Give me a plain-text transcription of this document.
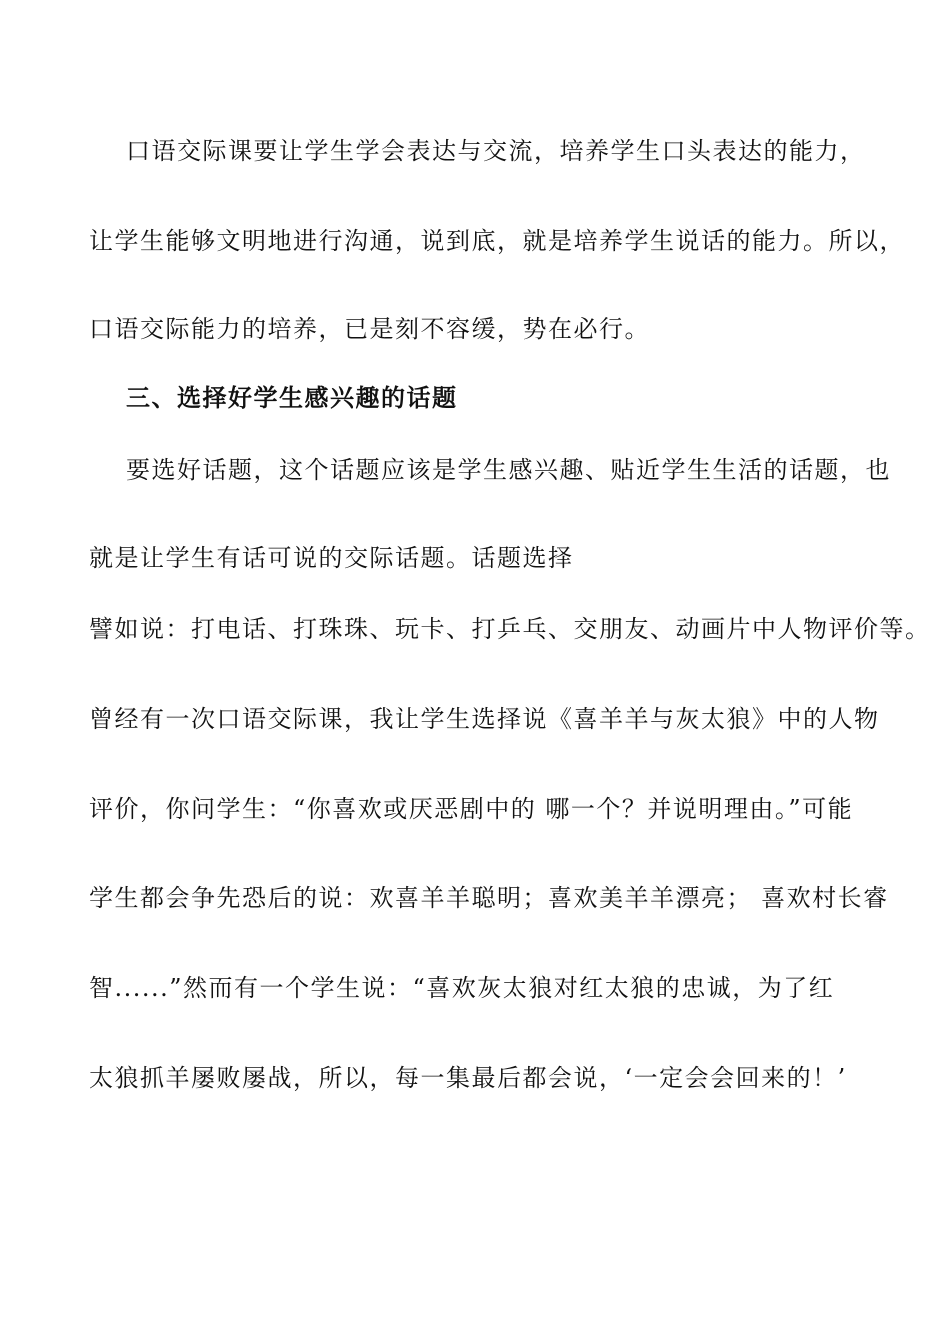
口语交际课要让学生学会表达与交流，培养学生口头表达的能力，
让学生能够文明地进行沟通，说到底，就是培养学生说话的能力。所以，
口语交际能力的培养，已是刻不容缓，势在必行。
三、选择好学生感兴趣的话题
要选好话题，这个话题应该是学生感兴趣、贴近学生生活的话题，也
就是让学生有话可说的交际话题。话题选择
譬如说：打电话、打珠珠、玩卡、打乒乓、交朋友、动画片中人物评价等。
曾经有一次口语交际课，我让学生选择说《喜羊羊与灰太狼》中的人物
评价，你问学生：“你喜欢或厌恶剧中的 哪一个？并说明理由。”可能
学生都会争先恐后的说：欢喜羊羊聪明；喜欢美羊羊漂亮； 喜欢村长睿
智......”然而有一个学生说：“喜欢灰太狼对红太狼的忠诚，为了红
太狼抓羊屡败屡战，所以，每一集最后都会说，‘一定会会回来的！’
